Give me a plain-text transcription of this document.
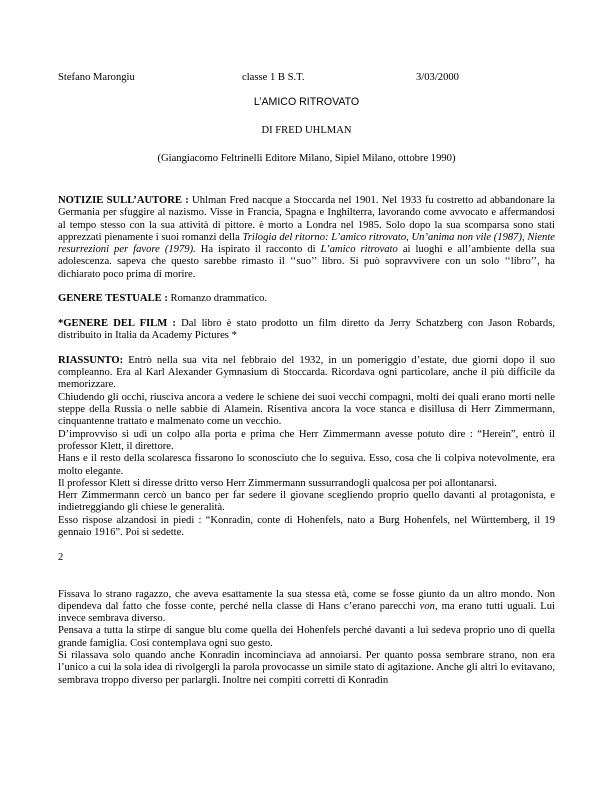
Stefano Marongiu	classe 1 B S.T.	3/03/2000
L’AMICO RITROVATO
DI FRED UHLMAN
(Giangiacomo Feltrinelli Editore Milano, Sipiel Milano, ottobre 1990)

NOTIZIE SULL’AUTORE : Uhlman Fred nacque a Stoccarda nel 1901. Nel 1933 fu costretto ad abbandonare la Germania per sfuggire al nazismo. Visse in Francia, Spagna e Inghilterra, lavorando come avvocato e affermandosi al tempo stesso con la sua attività di pittore. è morto a Londra nel 1985. Solo dopo la sua scomparsa sono stati apprezzati pienamente i suoi romanzi della Trilogia del ritorno: L’amico ritrovato, Un’anima non vile (1987), Niente resurrezioni per favore (1979). Ha ispirato il racconto di L’amico ritrovato ai luoghi e all’ambiente della sua adolescenza. sapeva che questo sarebbe rimasto il ‘‘suo’’ libro. Si può sopravvivere con un solo ‘‘libro’’, ha dichiarato poco prima di morire.

GENERE TESTUALE : Romanzo drammatico.

*GENERE DEL FILM : Dal libro è stato prodotto un film diretto da Jerry Schatzberg con Jason Robards, distribuito in Italia da Academy Pictures *

RIASSUNTO: Entrò nella sua vita nel febbraio del 1932, in un pomeriggio d’estate, due giorni dopo il suo compleanno. Era al Karl Alexander Gymnasium di Stoccarda. Ricordava ogni particolare, anche il più difficile da memorizzare.

Chiudendo gli occhi, riusciva ancora a vedere le schiene dei suoi vecchi compagni, molti dei quali erano morti nelle steppe della Russia o nelle sabbie di Alamein. Risentiva ancora la voce stanca e disillusa di Herr Zimmermann, cinquantenne trattato e malmenato come un vecchio.

D’improvviso si udì un colpo alla porta e prima che Herr Zimmermann avesse potuto dire : “Herein”, entrò il professor Klett, il direttore.

Hans e il resto della scolaresca fissarono lo sconosciuto che lo seguiva. Esso, cosa che li colpiva notevolmente, era molto elegante.

Il professor Klett si diresse dritto verso Herr Zimmermann sussurrandogli qualcosa per poi allontanarsi.

Herr Zimmermann cercò un banco per far sedere il giovane scegliendo proprio quello davanti al protagonista, e indietreggiando gli chiese le generalità.

Esso rispose alzandosi in piedi : “Konradin, conte di Hohenfels, nato a Burg Hohenfels, nel Württemberg, il 19 gennaio 1916”. Poi si sedette.

2

Fissava lo strano ragazzo, che aveva esattamente la sua stessa età, come se fosse giunto da un altro mondo. Non dipendeva dal fatto che fosse conte, perché nella classe di Hans c’erano parecchi von, ma erano tutti uguali. Lui invece sembrava diverso.

Pensava a tutta la stirpe di sangue blu come quella dei Hohenfels perché davanti a lui sedeva proprio uno di quella grande famiglia. Così contemplava ogni suo gesto.

Si rilassava solo quando anche Konradin incominciava ad annoiarsi. Per quanto possa sembrare strano, non era l’unico a cui la sola idea di rivolgergli la parola provocasse un simile stato di agitazione. Anche gli altri lo evitavano, sembrava troppo diverso per parlargli. Inoltre nei compiti corretti di Konradin
